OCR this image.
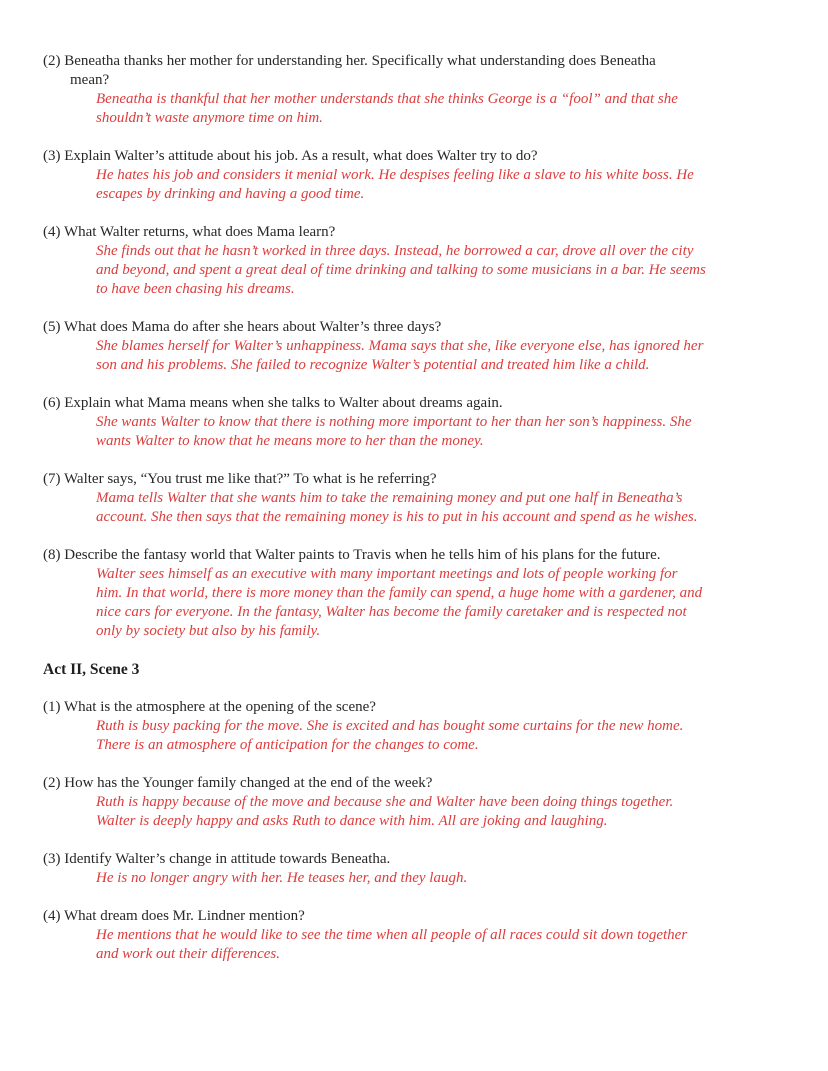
(2) Beneatha thanks her mother for understanding her. Specifically what understanding does Beneatha
mean?
Beneatha is thankful that her mother understands that she thinks George is a “fool” and that she
shouldn’t waste anymore time on him.
(3) Explain Walter’s attitude about his job. As a result, what does Walter try to do?
He hates his job and considers it menial work. He despises feeling like a slave to his white boss. He
escapes by drinking and having a good time.
(4) What Walter returns, what does Mama learn?
She finds out that he hasn’t worked in three days. Instead, he borrowed a car, drove all over the city
and beyond, and spent a great deal of time drinking and talking to some musicians in a bar. He seems
to have been chasing his dreams.
(5) What does Mama do after she hears about Walter’s three days?
She blames herself for Walter’s unhappiness. Mama says that she, like everyone else, has ignored her
son and his problems. She failed to recognize Walter’s potential and treated him like a child.
(6) Explain what Mama means when she talks to Walter about dreams again.
She wants Walter to know that there is nothing more important to her than her son’s happiness. She
wants Walter to know that he means more to her than the money.
(7) Walter says, “You trust me like that?” To what is he referring?
Mama tells Walter that she wants him to take the remaining money and put one half in Beneatha’s
account. She then says that the remaining money is his to put in his account and spend as he wishes.
(8) Describe the fantasy world that Walter paints to Travis when he tells him of his plans for the future.
Walter sees himself as an executive with many important meetings and lots of people working for
him. In that world, there is more money than the family can spend, a huge home with a gardener, and
nice cars for everyone. In the fantasy, Walter has become the family caretaker and is respected not
only by society but also by his family.
Act II, Scene 3
(1) What is the atmosphere at the opening of the scene?
Ruth is busy packing for the move. She is excited and has bought some curtains for the new home.
There is an atmosphere of anticipation for the changes to come.
(2) How has the Younger family changed at the end of the week?
Ruth is happy because of the move and because she and Walter have been doing things together.
Walter is deeply happy and asks Ruth to dance with him. All are joking and laughing.
(3) Identify Walter’s change in attitude towards Beneatha.
He is no longer angry with her. He teases her, and they laugh.
(4) What dream does Mr. Lindner mention?
He mentions that he would like to see the time when all people of all races could sit down together
and work out their differences.
